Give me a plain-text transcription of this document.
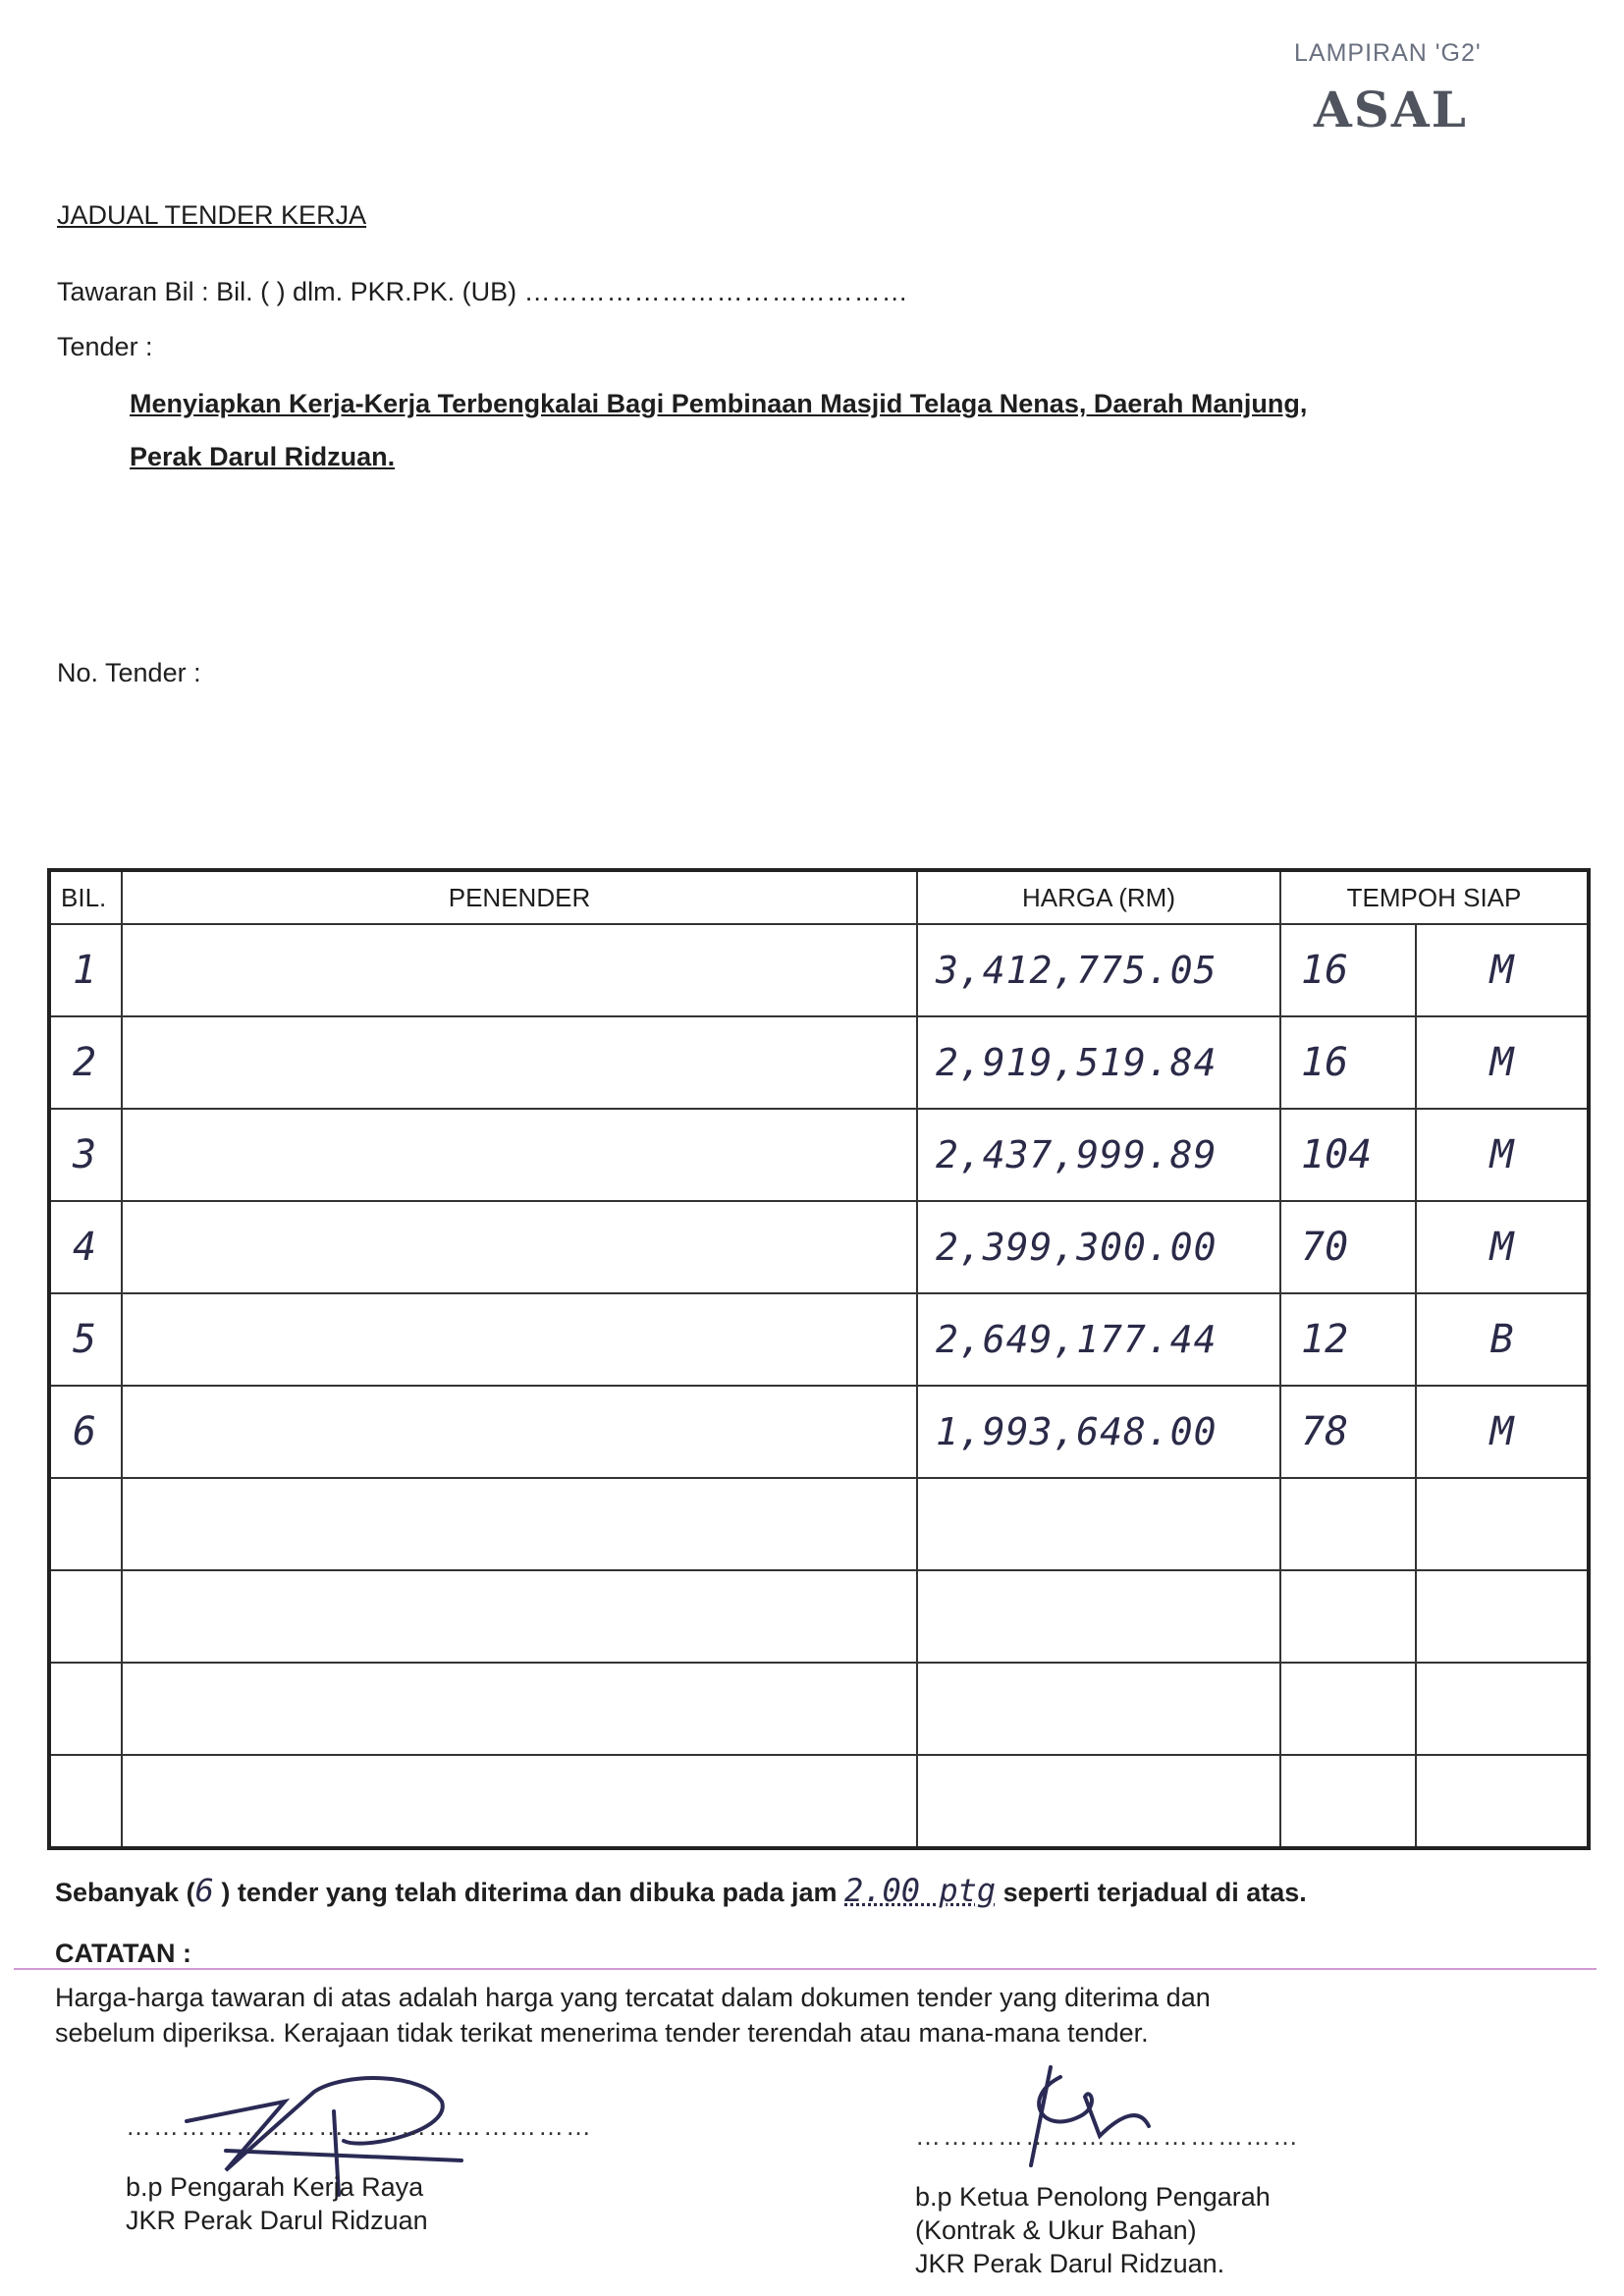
LAMPIRAN 'G2'
ASAL
JADUAL TENDER KERJA
Tawaran Bil : Bil. ( ) dlm. PKR.PK. (UB) ……………………………………
Tender :
Menyiapkan Kerja-Kerja Terbengkalai Bagi Pembinaan Masjid Telaga Nenas, Daerah Manjung,
Perak Darul Ridzuan.
No. Tender :
BIL.	PENENDER	HARGA (RM)	TEMPOH SIAP	
1		3,412,775.05	16	M
2		2,919,519.84	16	M
3		2,437,999.89	104	M
4		2,399,300.00	70	M
5		2,649,177.44	12	B
6		1,993,648.00	78	M

Sebanyak (6 ) tender yang telah diterima dan dibuka pada jam 2.00 ptg seperti terjadual di atas.
CATATAN :
Harga-harga tawaran di atas adalah harga yang tercatat dalam dokumen tender yang diterima dan
sebelum diperiksa. Kerajaan tidak terikat menerima tender terendah atau mana-mana tender.
……………………………………………
b.p Pengarah Kerja Raya
JKR Perak Darul Ridzuan
……………………………………
b.p Ketua Penolong Pengarah
(Kontrak & Ukur Bahan)
JKR Perak Darul Ridzuan.
